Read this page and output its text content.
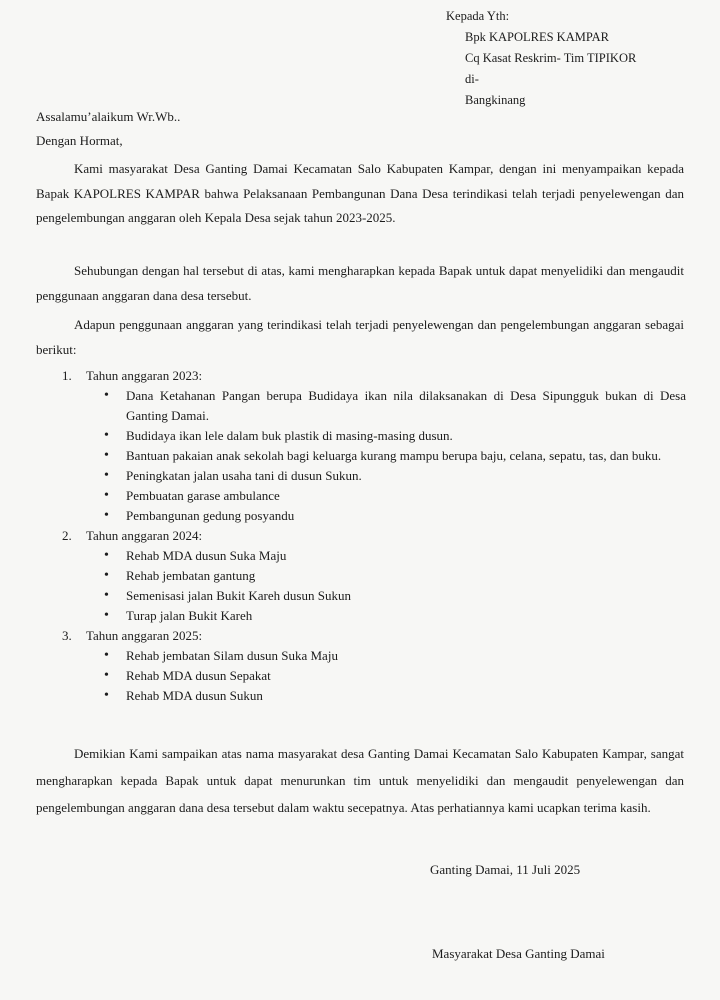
Kepada Yth:
Bpk KAPOLRES KAMPAR
Cq Kasat Reskrim- Tim TIPIKOR
di-
Bangkinang
Assalamu’alaikum Wr.Wb..
Dengan Hormat,
Kami masyarakat Desa Ganting Damai Kecamatan Salo Kabupaten Kampar, dengan ini menyampaikan kepada Bapak KAPOLRES KAMPAR bahwa Pelaksanaan Pembangunan Dana Desa terindikasi telah terjadi penyelewengan dan pengelembungan anggaran oleh Kepala Desa sejak tahun 2023-2025.
Sehubungan dengan hal tersebut di atas, kami mengharapkan kepada Bapak untuk dapat menyelidiki dan mengaudit penggunaan anggaran dana desa tersebut.
Adapun penggunaan anggaran yang terindikasi telah terjadi penyelewengan dan pengelembungan anggaran sebagai berikut:
1.	Tahun anggaran 2023:
• Dana Ketahanan Pangan berupa Budidaya ikan nila dilaksanakan di Desa Sipungguk bukan di Desa Ganting Damai.
• Budidaya ikan lele dalam buk plastik di masing-masing dusun.
• Bantuan pakaian anak sekolah bagi keluarga kurang mampu berupa baju, celana, sepatu, tas, dan buku.
• Peningkatan jalan usaha tani di dusun Sukun.
• Pembuatan garase ambulance
• Pembangunan gedung posyandu
2.	Tahun anggaran 2024:
• Rehab MDA dusun Suka Maju
• Rehab jembatan gantung
• Semenisasi jalan Bukit Kareh dusun Sukun
• Turap jalan Bukit Kareh
3.	Tahun anggaran 2025:
• Rehab jembatan Silam dusun Suka Maju
• Rehab MDA dusun Sepakat
• Rehab MDA dusun Sukun
Demikian Kami sampaikan atas nama masyarakat desa Ganting Damai Kecamatan Salo Kabupaten Kampar, sangat mengharapkan kepada Bapak untuk dapat menurunkan tim untuk menyelidiki dan mengaudit penyelewengan dan pengelembungan anggaran dana desa tersebut dalam waktu secepatnya. Atas perhatiannya kami ucapkan terima kasih.
Ganting Damai, 11 Juli 2025
Masyarakat Desa Ganting Damai
